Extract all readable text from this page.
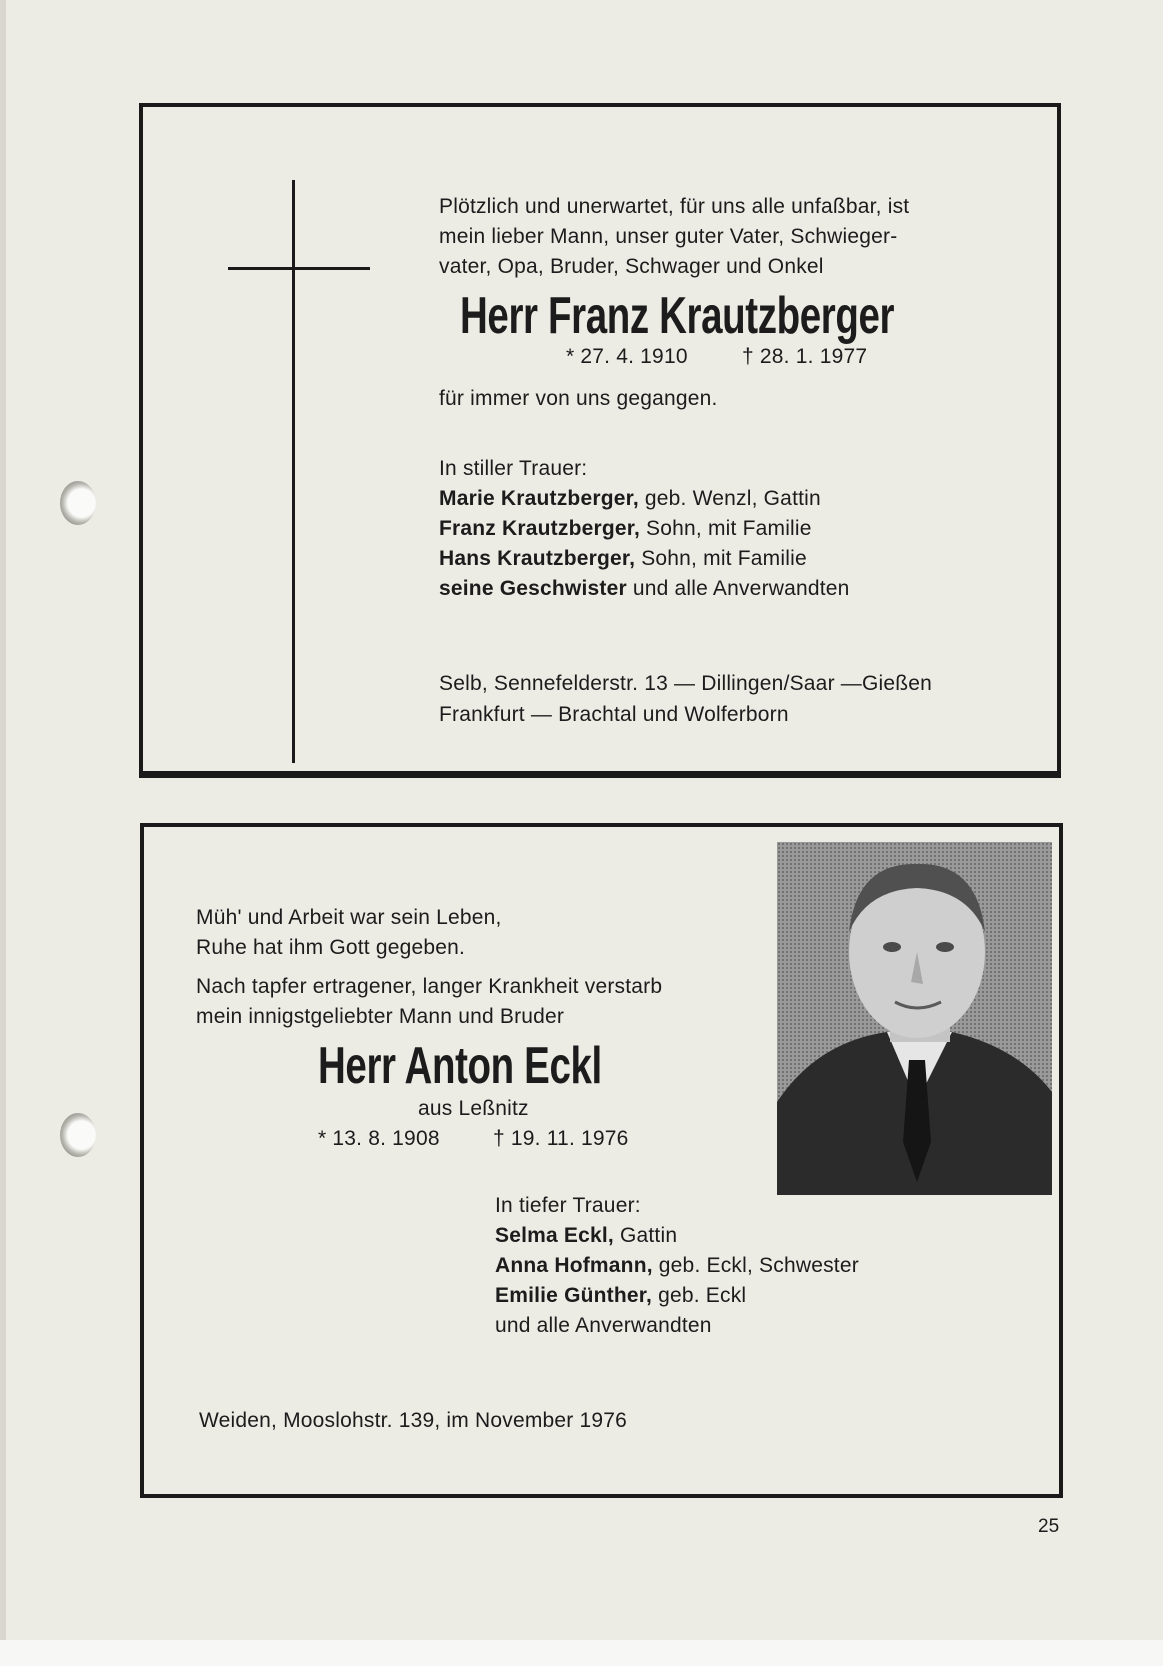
Plötzlich und unerwartet, für uns alle unfaßbar, ist
mein lieber Mann, unser guter Vater, Schwieger-
vater, Opa, Bruder, Schwager und Onkel
Herr Franz Krautzberger
* 27. 4. 1910	† 28. 1. 1977
für immer von uns gegangen.
In stiller Trauer:
Marie Krautzberger, geb. Wenzl, Gattin
Franz Krautzberger, Sohn, mit Familie
Hans Krautzberger, Sohn, mit Familie
seine Geschwister und alle Anverwandten
Selb, Sennefelderstr. 13 — Dillingen/Saar —Gießen
Frankfurt — Brachtal und Wolferborn
Müh' und Arbeit war sein Leben,
Ruhe hat ihm Gott gegeben.
Nach tapfer ertragener, langer Krankheit verstarb
mein innigstgeliebter Mann und Bruder
Herr Anton Eckl
aus Leßnitz
* 13. 8. 1908	† 19. 11. 1976
In tiefer Trauer:
Selma Eckl, Gattin
Anna Hofmann, geb. Eckl, Schwester
Emilie Günther, geb. Eckl
und alle Anverwandten
Weiden, Mooslohstr. 139, im November 1976
25
